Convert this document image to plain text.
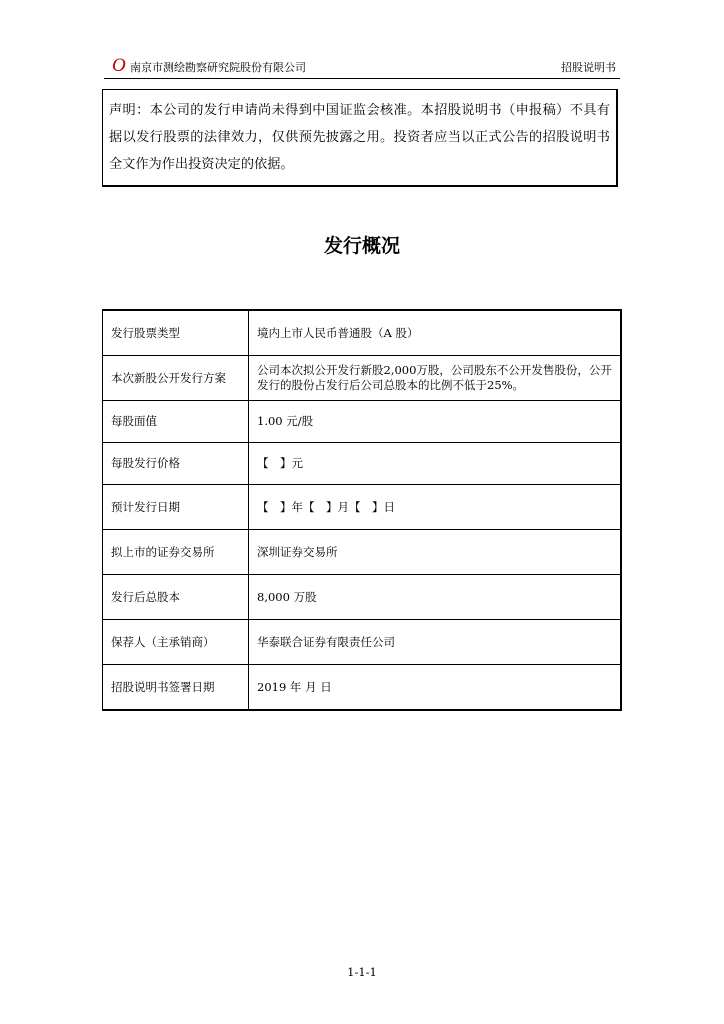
O 南京市测绘勘察研究院股份有限公司	招股说明书
声明：本公司的发行申请尚未得到中国证监会核准。本招股说明书（申报稿）不具有据以发行股票的法律效力，仅供预先披露之用。投资者应当以正式公告的招股说明书全文作为作出投资决定的依据。
发行概况
发行股票类型	境内上市人民币普通股（A 股）
本次新股公开发行方案	公司本次拟公开发行新股2,000万股，公司股东不公开发售股份，公开发行的股份占发行后公司总股本的比例不低于25%。
每股面值	1.00 元/股
每股发行价格	【　】元
预计发行日期	【　】年【　】月【　】日
拟上市的证券交易所	深圳证券交易所
发行后总股本	8,000 万股
保荐人（主承销商）	华泰联合证券有限责任公司
招股说明书签署日期	2019 年 月 日
1-1-1
